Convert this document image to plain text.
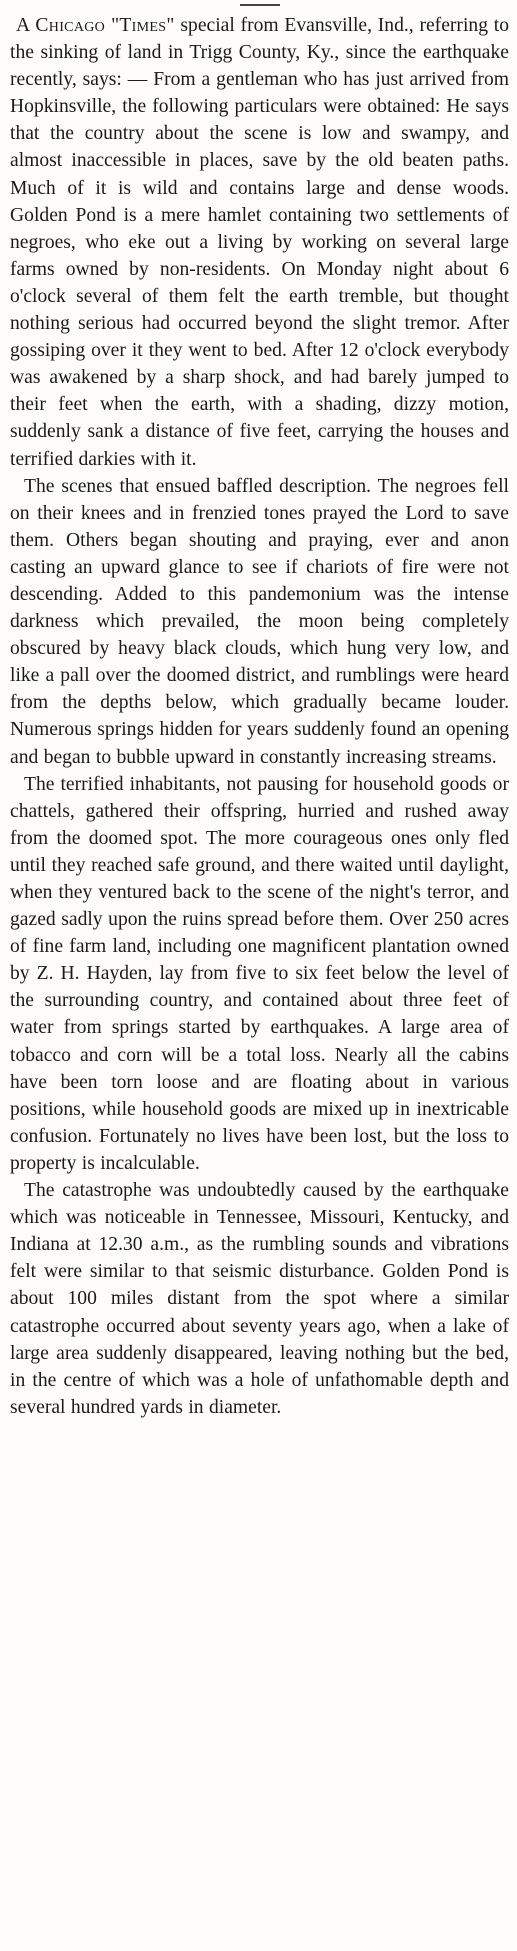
A Chicago "Times" special from Evansville, Ind., referring to the sinking of land in Trigg County, Ky., since the earthquake recently, says: — From a gentleman who has just arrived from Hopkinsville, the following particulars were obtained: He says that the country about the scene is low and swampy, and almost inaccessible in places, save by the old beaten paths. Much of it is wild and contains large and dense woods. Golden Pond is a mere hamlet containing two settlements of negroes, who eke out a living by working on several large farms owned by non-residents. On Monday night about 6 o'clock several of them felt the earth tremble, but thought nothing serious had occurred beyond the slight tremor. After gossiping over it they went to bed. After 12 o'clock everybody was awakened by a sharp shock, and had barely jumped to their feet when the earth, with a shading, dizzy motion, suddenly sank a distance of five feet, carrying the houses and terrified darkies with it.

The scenes that ensued baffled description. The negroes fell on their knees and in frenzied tones prayed the Lord to save them. Others began shouting and praying, ever and anon casting an upward glance to see if chariots of fire were not descending. Added to this pandemonium was the intense darkness which prevailed, the moon being completely obscured by heavy black clouds, which hung very low, and like a pall over the doomed district, and rumblings were heard from the depths below, which gradually became louder. Numerous springs hidden for years suddenly found an opening and began to bubble upward in constantly increasing streams.

The terrified inhabitants, not pausing for household goods or chattels, gathered their offspring, hurried and rushed away from the doomed spot. The more courageous ones only fled until they reached safe ground, and there waited until daylight, when they ventured back to the scene of the night's terror, and gazed sadly upon the ruins spread before them. Over 250 acres of fine farm land, including one magnificent plantation owned by Z. H. Hayden, lay from five to six feet below the level of the surrounding country, and contained about three feet of water from springs started by earthquakes. A large area of tobacco and corn will be a total loss. Nearly all the cabins have been torn loose and are floating about in various positions, while household goods are mixed up in inextricable confusion. Fortunately no lives have been lost, but the loss to property is incalculable.

The catastrophe was undoubtedly caused by the earthquake which was noticeable in Tennessee, Missouri, Kentucky, and Indiana at 12.30 a.m., as the rumbling sounds and vibrations felt were similar to that seismic disturbance. Golden Pond is about 100 miles distant from the spot where a similar catastrophe occurred about seventy years ago, when a lake of large area suddenly disappeared, leaving nothing but the bed, in the centre of which was a hole of unfathomable depth and several hundred yards in diameter.
